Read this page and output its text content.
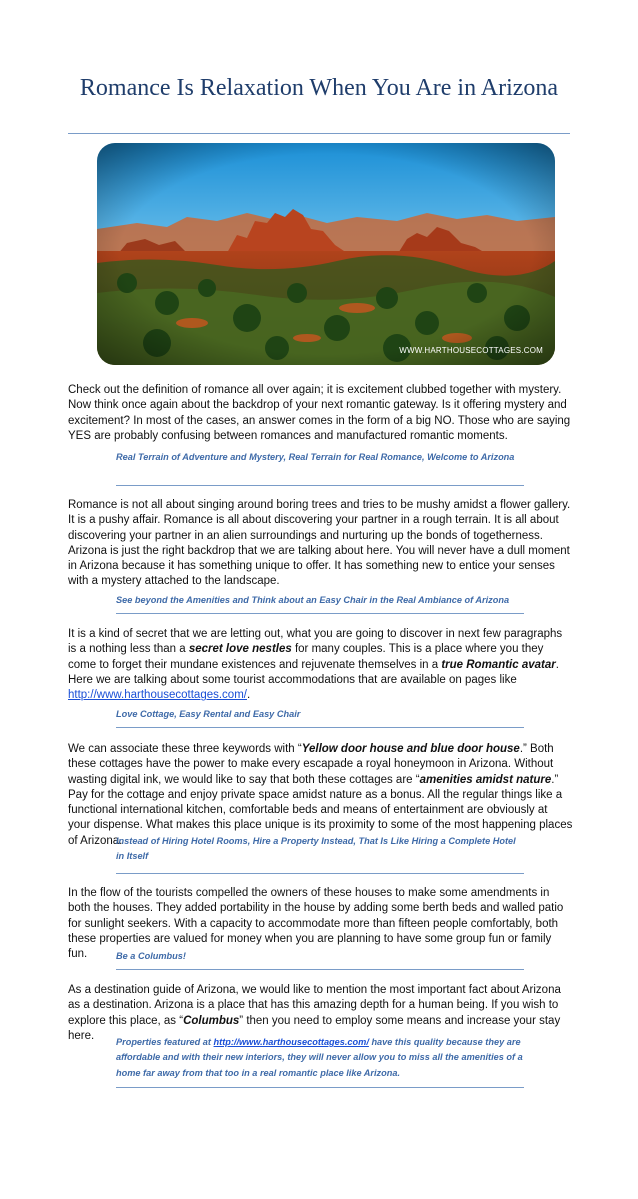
Romance Is Relaxation When You Are in Arizona
WWW.HARTHOUSECOTTAGES.COM

Check out the definition of romance all over again; it is excitement clubbed together with mystery. Now think once again about the backdrop of your next romantic gateway. Is it offering mystery and excitement? In most of the cases, an answer comes in the form of a big NO. Those who are saying YES are probably confusing between romances and manufactured romantic moments.

Real Terrain of Adventure and Mystery, Real Terrain for Real Romance, Welcome to Arizona

Romance is not all about singing around boring trees and tries to be mushy amidst a flower gallery. It is a pushy affair. Romance is all about discovering your partner in a rough terrain. It is all about discovering your partner in an alien surroundings and nurturing up the bonds of togetherness. Arizona is just the right backdrop that we are talking about here. You will never have a dull moment in Arizona because it has something unique to offer. It has something new to entice your senses with a mystery attached to the landscape.

See beyond the Amenities and Think about an Easy Chair in the Real Ambiance of Arizona

It is a kind of secret that we are letting out, what you are going to discover in next few paragraphs is a nothing less than a secret love nestles for many couples. This is a place where you they come to forget their mundane existences and rejuvenate themselves in a true Romantic avatar. Here we are talking about some tourist accommodations that are available on pages like http://www.harthousecottages.com/.

Love Cottage, Easy Rental and Easy Chair

We can associate these three keywords with “Yellow door house and blue door house.” Both these cottages have the power to make every escapade a royal honeymoon in Arizona. Without wasting digital ink, we would like to say that both these cottages are “amenities amidst nature.” Pay for the cottage and enjoy private space amidst nature as a bonus. All the regular things like a functional international kitchen, comfortable beds and means of entertainment are obviously at your dispense. What makes this place unique is its proximity to some of the most happening places of Arizona.

Instead of Hiring Hotel Rooms, Hire a Property Instead, That Is Like Hiring a Complete Hotel in Itself

In the flow of the tourists compelled the owners of these houses to make some amendments in both the houses. They added portability in the house by adding some berth beds and walled patio for sunlight seekers. With a capacity to accommodate more than fifteen people comfortably, both these properties are valued for money when you are planning to have some group fun or family fun.	Be a Columbus!

As a destination guide of Arizona, we would like to mention the most important fact about Arizona as a destination. Arizona is a place that has this amazing depth for a human being. If you wish to explore this place, as “Columbus” then you need to employ some means and increase your stay here.

Properties featured at http://www.harthousecottages.com/ have this quality because they are affordable and with their new interiors, they will never allow you to miss all the amenities of a home far away from that too in a real romantic place like Arizona.
